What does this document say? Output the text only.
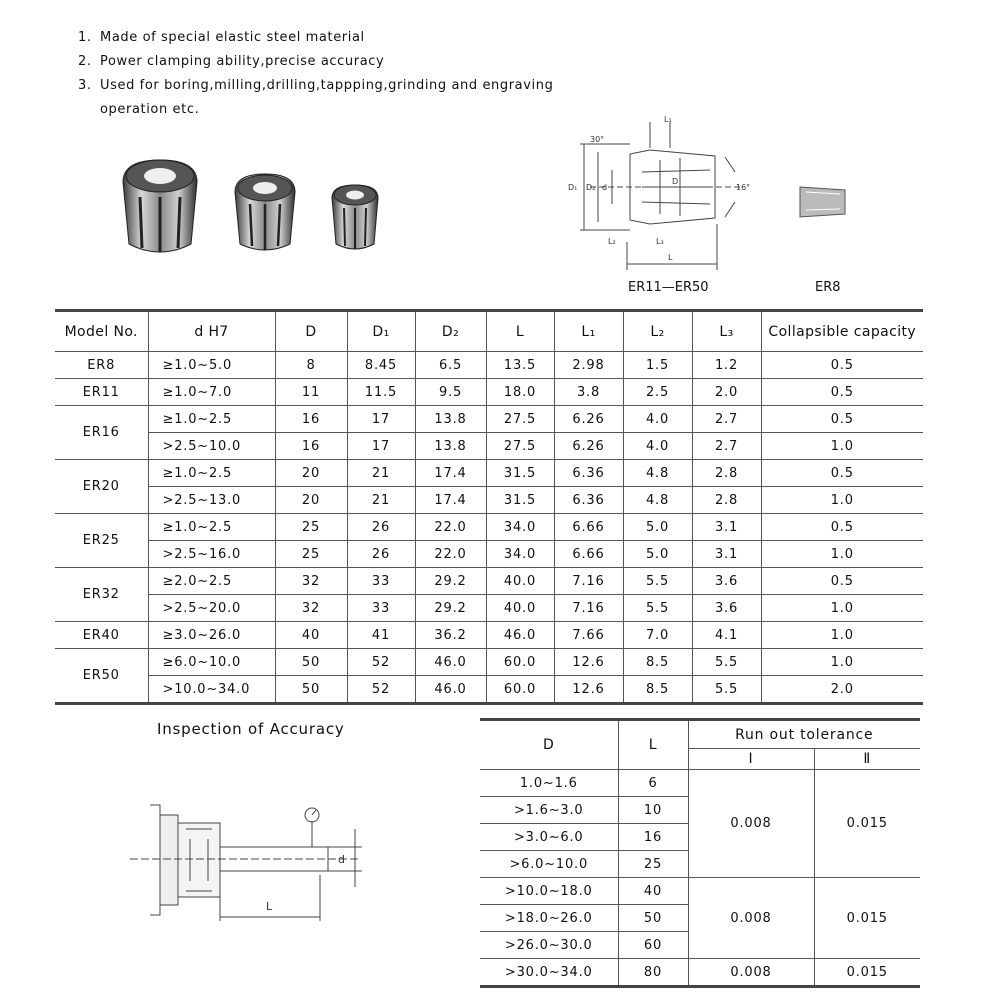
1. Made of special elastic steel material
2. Power clamping ability,precise accuracy
3. Used for boring,milling,drilling,tappping,grinding and engraving
operation etc.
30°
16°
D₁ D₂ d
D
L₁
L₂	L₃
L
ER11—ER50	ER8
Model No.	d H7	D	D₁	D₂	L	L₁	L₂	L₃	Collapsible capacity
ER8	≥1.0~5.0	8	8.45	6.5	13.5	2.98	1.5	1.2	0.5
ER11	≥1.0~7.0	11	11.5	9.5	18.0	3.8	2.5	2.0	0.5
ER16	≥1.0~2.5	16	17	13.8	27.5	6.26	4.0	2.7	0.5
	>2.5~10.0	16	17	13.8	27.5	6.26	4.0	2.7	1.0
ER20	≥1.0~2.5	20	21	17.4	31.5	6.36	4.8	2.8	0.5
	>2.5~13.0	20	21	17.4	31.5	6.36	4.8	2.8	1.0
ER25	≥1.0~2.5	25	26	22.0	34.0	6.66	5.0	3.1	0.5
	>2.5~16.0	25	26	22.0	34.0	6.66	5.0	3.1	1.0
ER32	≥2.0~2.5	32	33	29.2	40.0	7.16	5.5	3.6	0.5
	>2.5~20.0	32	33	29.2	40.0	7.16	5.5	3.6	1.0
ER40	≥3.0~26.0	40	41	36.2	46.0	7.66	7.0	4.1	1.0
ER50	≥6.0~10.0	50	52	46.0	60.0	12.6	8.5	5.5	1.0
	>10.0~34.0	50	52	46.0	60.0	12.6	8.5	5.5	2.0
Inspection of Accuracy
L
d
D	L	Run out tolerance	
		Ⅰ	Ⅱ
1.0~1.6	6	0.008	0.015
>1.6~3.0	10		
>3.0~6.0	16		
>6.0~10.0	25		
>10.0~18.0	40	0.008	0.015
>18.0~26.0	50		
>26.0~30.0	60		
>30.0~34.0	80	0.008	0.015
